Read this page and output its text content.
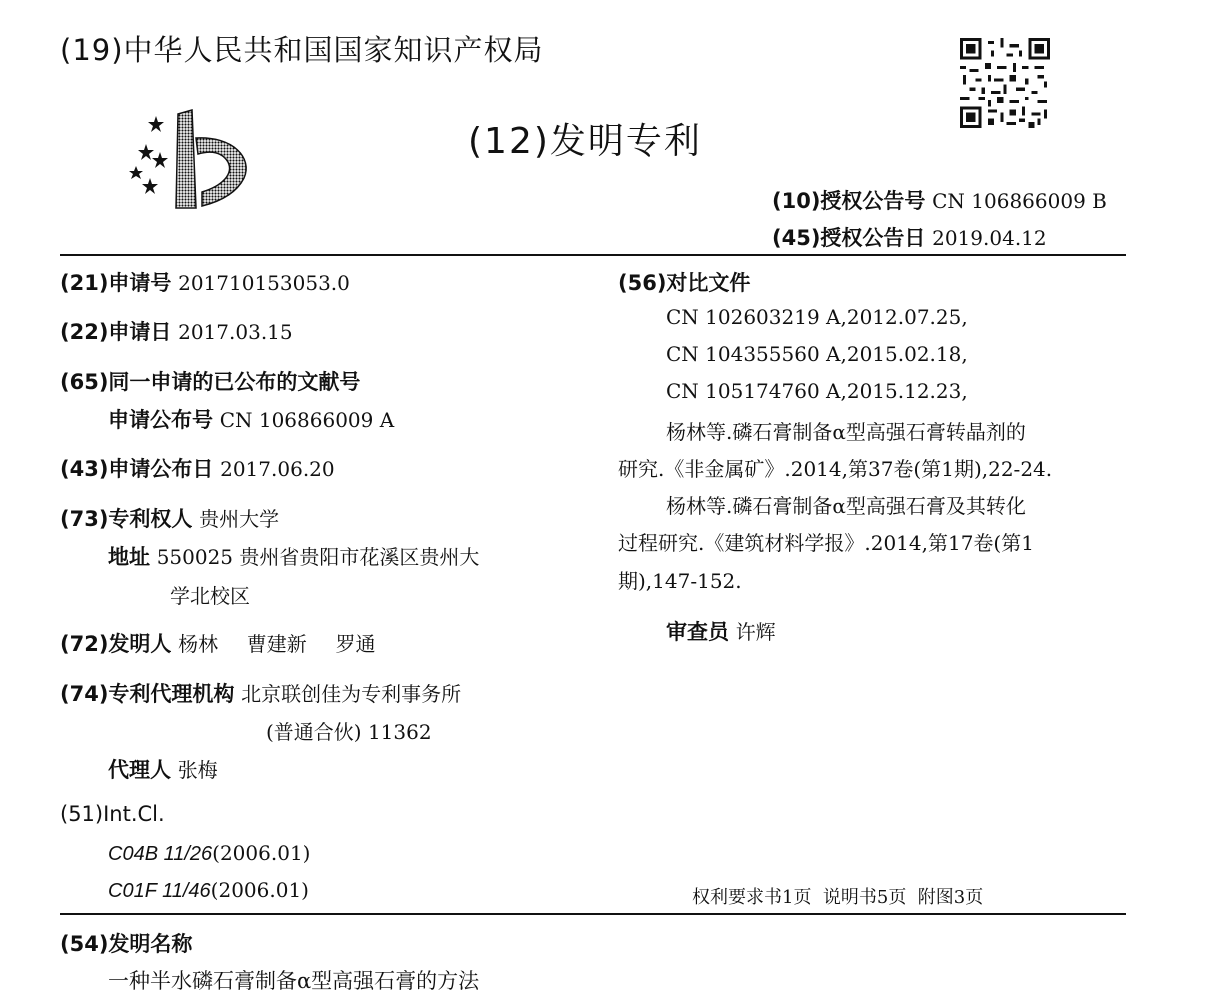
(19)中华人民共和国国家知识产权局
(12)发明专利
(10)授权公告号 CN 106866009 B
(45)授权公告日 2019.04.12
(21)申请号 201710153053.0
(22)申请日 2017.03.15
(65)同一申请的已公布的文献号
申请公布号 CN 106866009 A
(43)申请公布日 2017.06.20
(73)专利权人 贵州大学
地址 550025 贵州省贵阳市花溪区贵州大
学北校区
(72)发明人 杨林 曹建新 罗通
(74)专利代理机构 北京联创佳为专利事务所
(普通合伙) 11362
代理人 张梅
(51)Int.Cl.
C04B 11/26(2006.01)
C01F 11/46(2006.01)
(56)对比文件
CN 102603219 A,2012.07.25,
CN 104355560 A,2015.02.18,
CN 105174760 A,2015.12.23,
杨林等.磷石膏制备α型高强石膏转晶剂的
研究.《非金属矿》.2014,第37卷(第1期),22-24.
杨林等.磷石膏制备α型高强石膏及其转化
过程研究.《建筑材料学报》.2014,第17卷(第1
期),147-152.
审查员 许辉
权利要求书1页  说明书5页  附图3页
(54)发明名称
一种半水磷石膏制备α型高强石膏的方法
